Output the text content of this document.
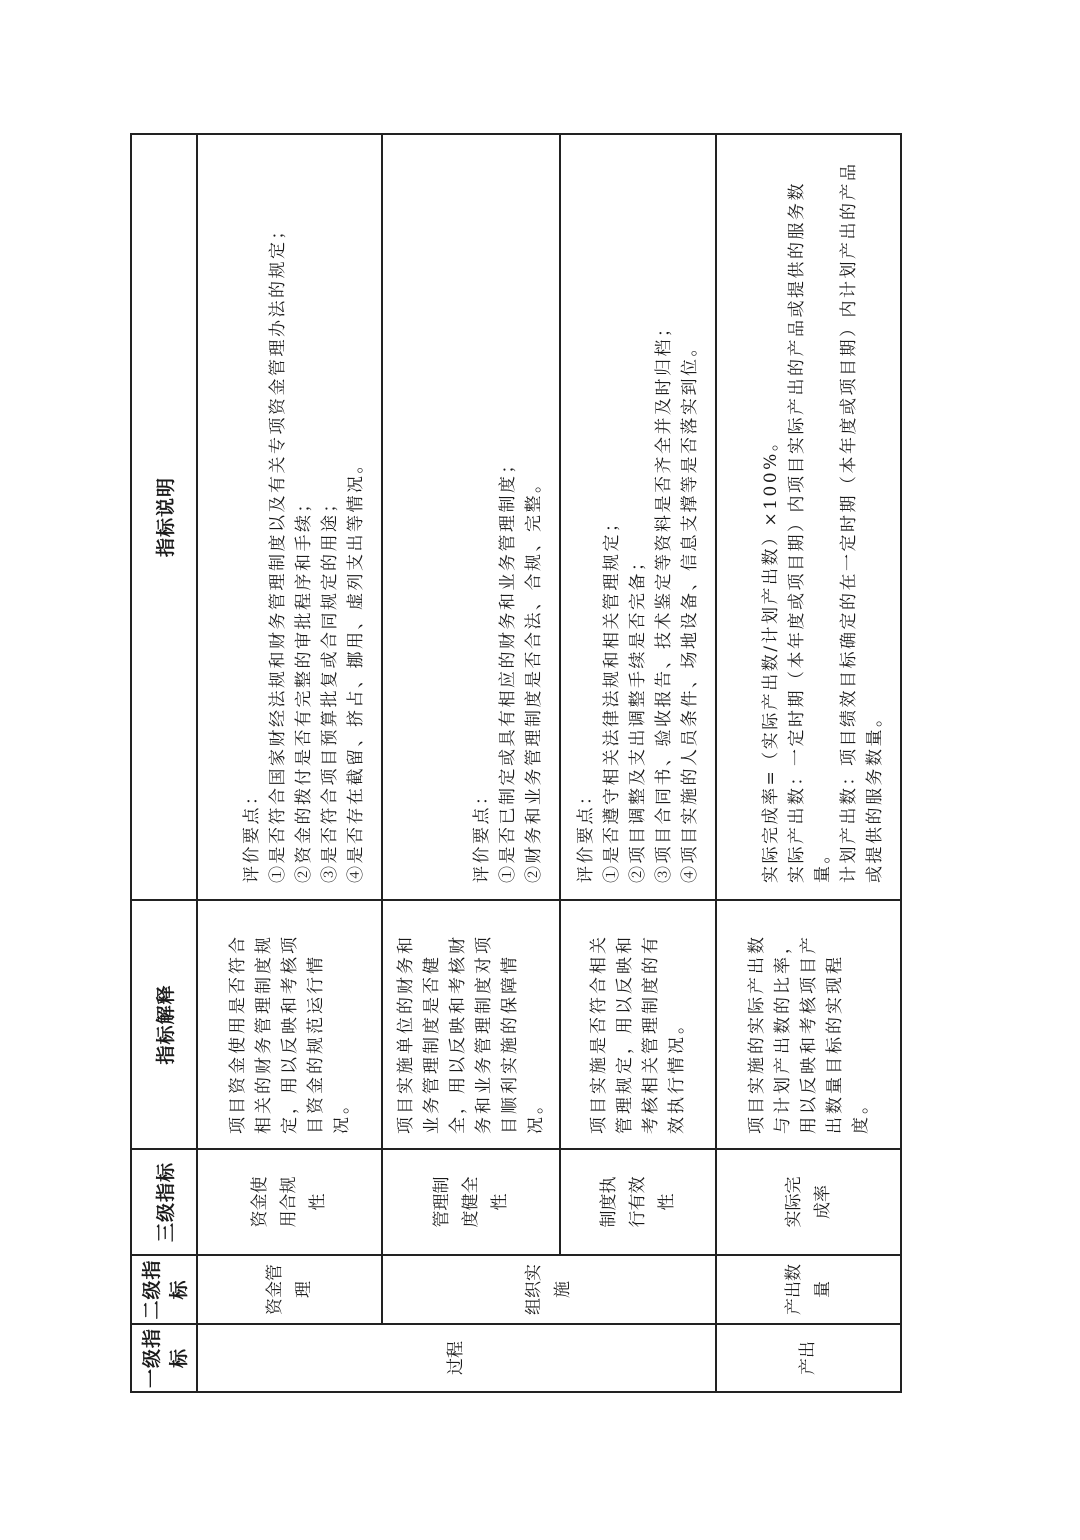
一级指标	二级指标	三级指标	指标解释	指标说明
过程	资金管理	资金使用合规性	项目资金使用是否符合相关的财务管理制度规定，用以反映和考核项目资金的规范运行情况。	评价要点： ①是否符合国家财经法规和财务管理制度以及有关专项资金管理办法的规定； ②资金的拨付是否有完整的审批程序和手续； ③是否符合项目预算批复或合同规定的用途； ④是否存在截留、挤占、挪用、虚列支出等情况。

	组织实施	管理制度健全性	项目实施单位的财务和业务管理制度是否健全，用以反映和考核财务和业务管理制度对项目顺利实施的保障情况。	评价要点： ①是否已制定或具有相应的财务和业务管理制度； ②财务和业务管理制度是否合法、合规、完整。

		制度执行有效性	项目实施是否符合相关管理规定，用以反映和考核相关管理制度的有效执行情况。	评价要点： ①是否遵守相关法律法规和相关管理规定； ②项目调整及支出调整手续是否完备； ③项目合同书、验收报告、技术鉴定等资料是否齐全并及时归档； ④项目实施的人员条件、场地设备、信息支撑等是否落实到位。

产出	产出数量	实际完成率	项目实施的实际产出数与计划产出数的比率，用以反映和考核项目产出数量目标的实现程度。	实际完成率=（实际产出数/计划产出数）×100%。 实际产出数：一定时期（本年度或项目期）内项目实际产出的产品或提供的服务数量。 计划产出数：项目绩效目标确定的在一定时期（本年度或项目期）内计划产出的产品或提供的服务数量。
